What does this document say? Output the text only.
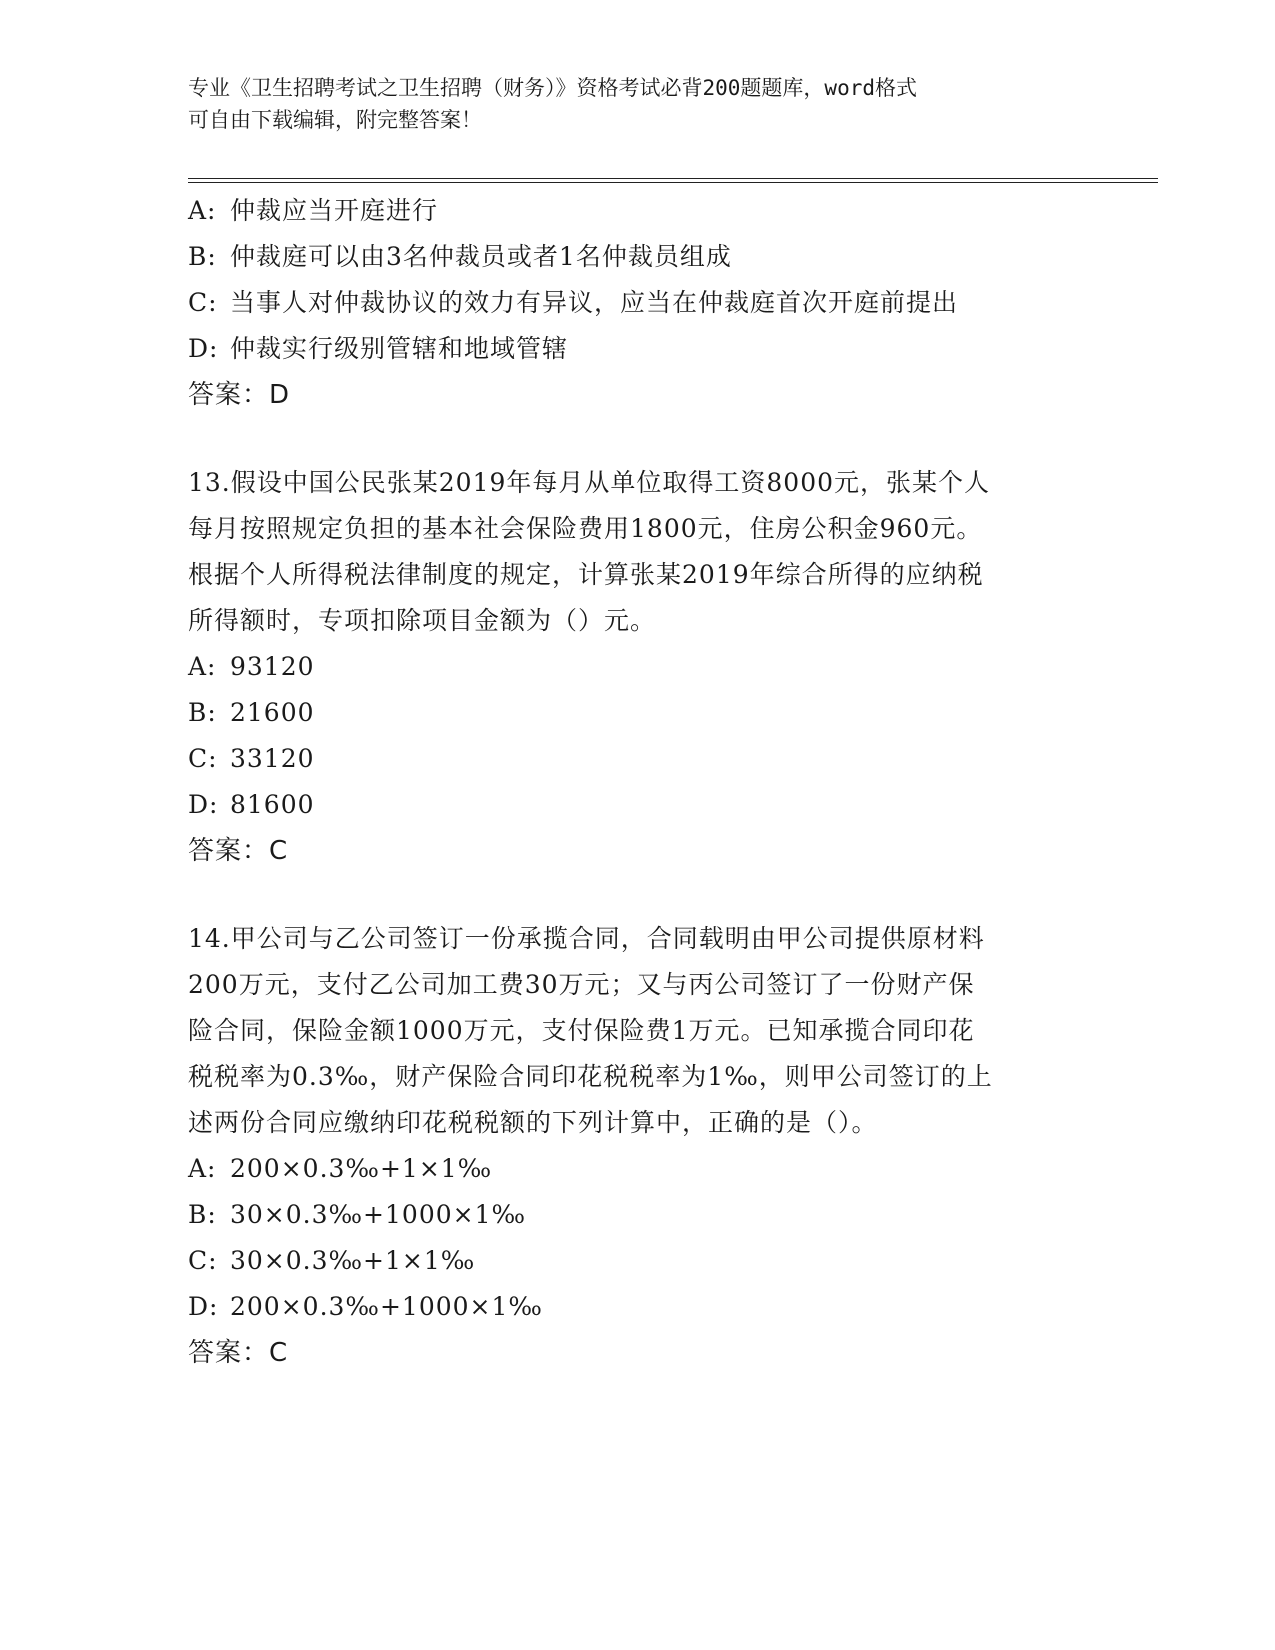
专业《卫生招聘考试之卫生招聘（财务）》资格考试必背200题题库，word格式
可自由下载编辑，附完整答案！
A: 仲裁应当开庭进行
B: 仲裁庭可以由3名仲裁员或者1名仲裁员组成
C: 当事人对仲裁协议的效力有异议，应当在仲裁庭首次开庭前提出
D: 仲裁实行级别管辖和地域管辖
答案：D
13.假设中国公民张某2019年每月从单位取得工资8000元，张某个人
每月按照规定负担的基本社会保险费用1800元，住房公积金960元。
根据个人所得税法律制度的规定，计算张某2019年综合所得的应纳税
所得额时，专项扣除项目金额为（）元。
A: 93120
B: 21600
C: 33120
D: 81600
答案：C
14.甲公司与乙公司签订一份承揽合同，合同载明由甲公司提供原材料
200万元，支付乙公司加工费30万元；又与丙公司签订了一份财产保
险合同，保险金额1000万元，支付保险费1万元。已知承揽合同印花
税税率为0.3‰，财产保险合同印花税税率为1‰，则甲公司签订的上
述两份合同应缴纳印花税税额的下列计算中，正确的是（）。
A: 200×0.3‰+1×1‰
B: 30×0.3‰+1000×1‰
C: 30×0.3‰+1×1‰
D: 200×0.3‰+1000×1‰
答案：C
